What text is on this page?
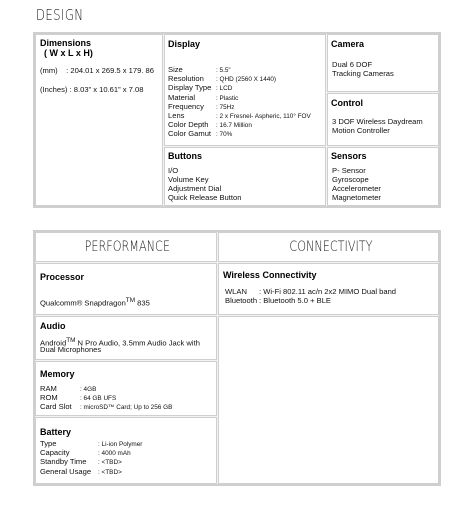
DESIGN
Dimensions
( W x L x H)
(mm) : 204.01 x 269.5 x 179. 86
(Inches) : 8.03” x 10.61” x 7.08
Display
Size	: 5.5”
Resolution : QHD (2560 X 1440)
Display Type : LCD
Material	: Plastic
Frequency : 75Hz
Lens	: 2 x Fresnel- Aspheric, 110° FOV
Color Depth : 16.7 Million
Color Gamut : 70%
Camera
Dual 6 DOF
Tracking Cameras
Control
3 DOF Wireless Daydream
Motion Controller
Buttons
I/O
Volume Key
Adjustment Dial
Quick Release Button
Sensors
P- Sensor
Gyroscope
Accelerometer
Magnetometer
PERFORMANCE	CONNECTIVITY
Processor
Qualcomm® Snapdragon™ 835
Wireless Connectivity
WLAN : Wi-Fi 802.11 ac/n 2x2 MIMO Dual band
Bluetooth : Bluetooth 5.0 + BLE
Audio
Android™ N Pro Audio, 3.5mm Audio Jack with
Dual Microphones
Memory
RAM	: 4GB
ROM	: 64 GB UFS
Card Slot : microSD™ Card; Up to 256 GB
Battery
Type	: Li-ion Polymer
Capacity	: 4000 mAh
Standby Time : <TBD>
General Usage : <TBD>
